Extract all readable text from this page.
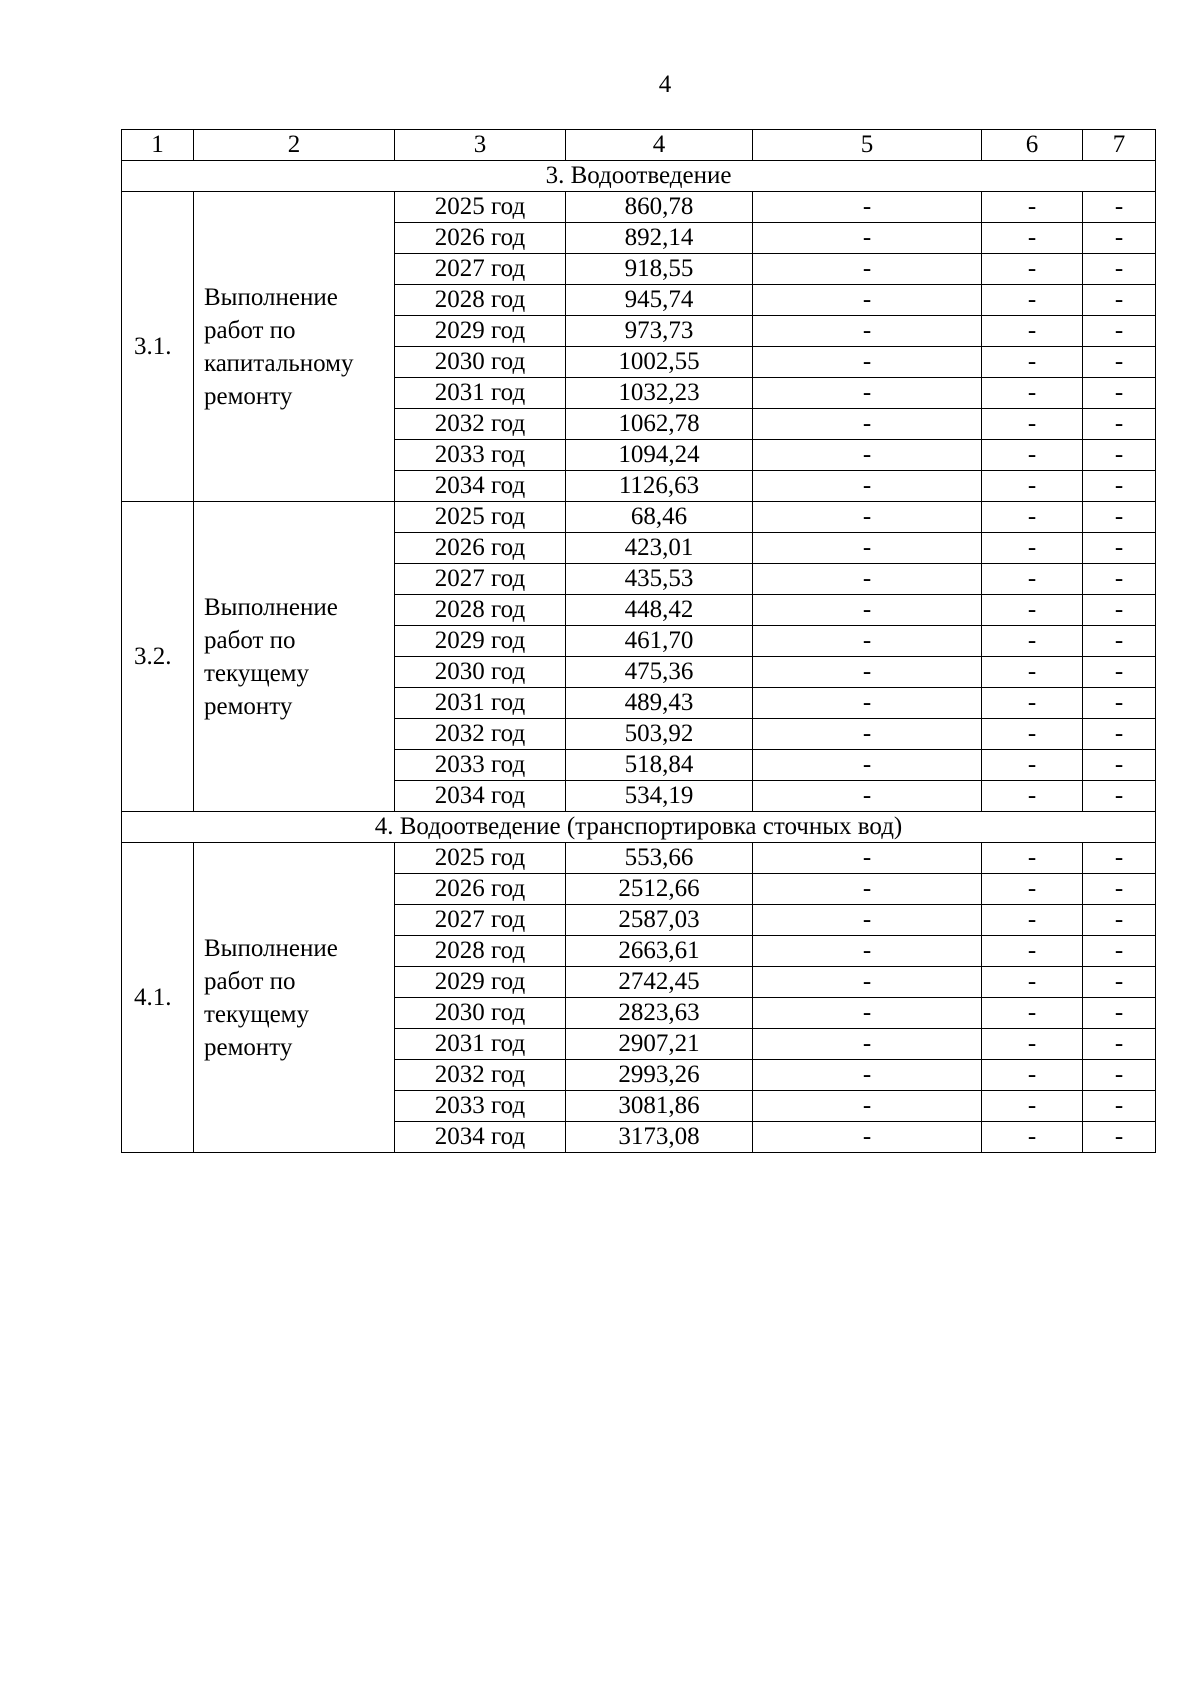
4
1	2	3	4	5	6	7
3. Водоотведение						
3.1.	Выполнение
работ по
капитальному
ремонту	2025 год	860,78	-	-	-
		2026 год	892,14	-	-	-
		2027 год	918,55	-	-	-
		2028 год	945,74	-	-	-
		2029 год	973,73	-	-	-
		2030 год	1002,55	-	-	-
		2031 год	1032,23	-	-	-
		2032 год	1062,78	-	-	-
		2033 год	1094,24	-	-	-
		2034 год	1126,63	-	-	-
3.2.	Выполнение
работ по
текущему
ремонту	2025 год	68,46	-	-	-
		2026 год	423,01	-	-	-
		2027 год	435,53	-	-	-
		2028 год	448,42	-	-	-
		2029 год	461,70	-	-	-
		2030 год	475,36	-	-	-
		2031 год	489,43	-	-	-
		2032 год	503,92	-	-	-
		2033 год	518,84	-	-	-
		2034 год	534,19	-	-	-
4. Водоотведение (транспортировка сточных вод)						
4.1.	Выполнение
работ по
текущему
ремонту	2025 год	553,66	-	-	-
		2026 год	2512,66	-	-	-
		2027 год	2587,03	-	-	-
		2028 год	2663,61	-	-	-
		2029 год	2742,45	-	-	-
		2030 год	2823,63	-	-	-
		2031 год	2907,21	-	-	-
		2032 год	2993,26	-	-	-
		2033 год	3081,86	-	-	-
		2034 год	3173,08	-	-	-
